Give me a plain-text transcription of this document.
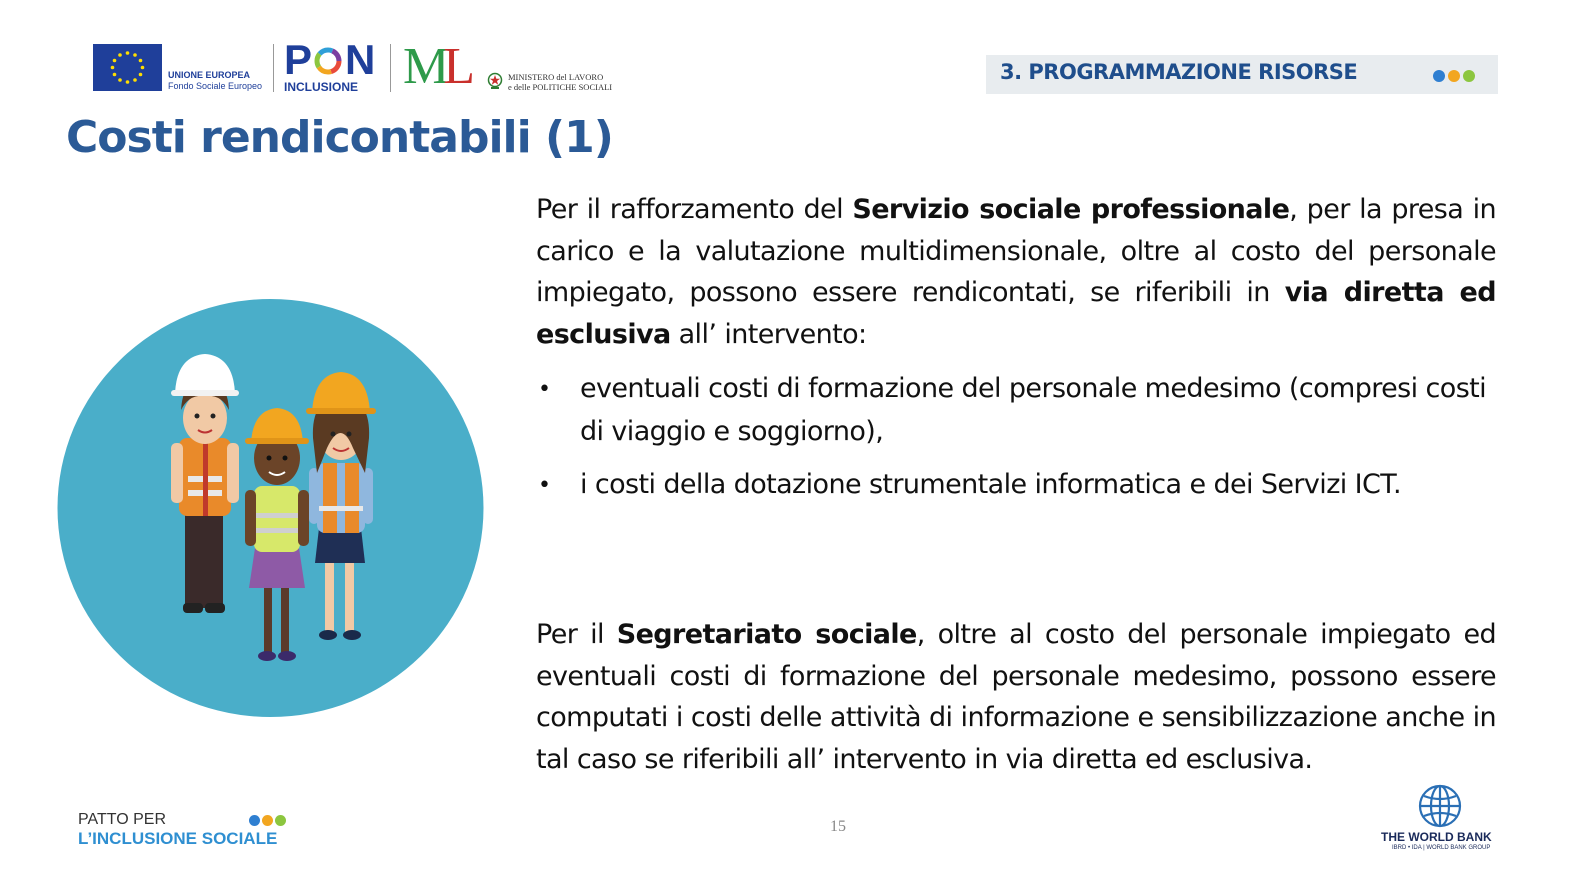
UNIONE EUROPEA
Fondo Sociale Europeo
P N
INCLUSIONE ML	MINISTERO del LAVORO
e delle POLITICHE SOCIALI
3. PROGRAMMAZIONE RISORSE
Costi rendicontabili (1)
Per il rafforzamento del Servizio sociale professionale, per la presa in carico e la valutazione multidimensionale, oltre al costo del personale impiegato, possono essere rendicontati, se riferibili in via diretta ed esclusiva all’ intervento:
• eventuali costi di formazione del personale medesimo (compresi costi di viaggio e soggiorno),
• i costi della dotazione strumentale informatica e dei Servizi ICT.
Per il Segretariato sociale, oltre al costo del personale impiegato ed eventuali costi di formazione del personale medesimo, possono essere computati i costi delle attività di informazione e sensibilizzazione anche in tal caso se riferibili all’ intervento in via diretta ed esclusiva.
PATTO PER
L’INCLUSIONE SOCIALE
15
THE WORLD BANK
IBRD • IDA | WORLD BANK GROUP
